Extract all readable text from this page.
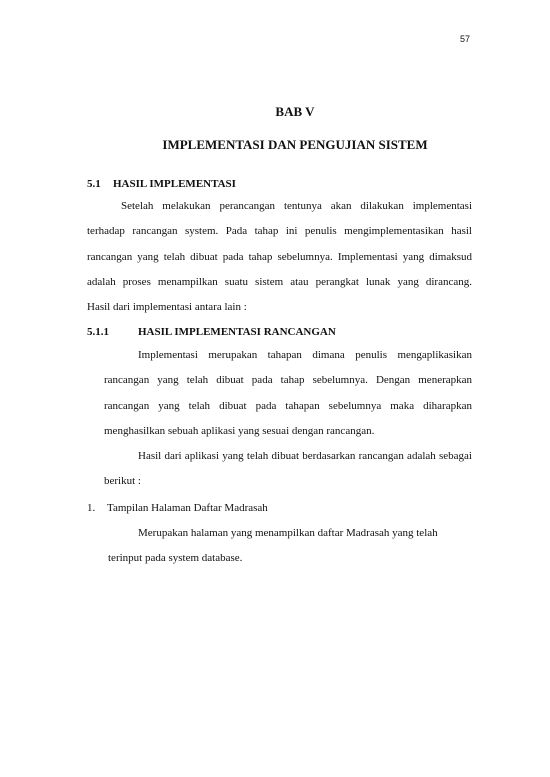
57
BAB V
IMPLEMENTASI DAN PENGUJIAN SISTEM
5.1 HASIL IMPLEMENTASI
Setelah melakukan perancangan tentunya akan dilakukan implementasi
terhadap rancangan system. Pada tahap ini penulis mengimplementasikan hasil
rancangan yang telah dibuat pada tahap sebelumnya. Implementasi yang dimaksud
adalah proses menampilkan suatu sistem atau perangkat lunak yang dirancang.
Hasil dari implementasi antara lain :
5.1.1	HASIL IMPLEMENTASI RANCANGAN
Implementasi merupakan tahapan dimana penulis mengaplikasikan
rancangan yang telah dibuat pada tahap sebelumnya. Dengan menerapkan
rancangan yang telah dibuat pada tahapan sebelumnya maka diharapkan
menghasilkan sebuah aplikasi yang sesuai dengan rancangan.
Hasil dari aplikasi yang telah dibuat berdasarkan rancangan adalah sebagai
berikut :
1. Tampilan Halaman Daftar Madrasah
Merupakan halaman yang menampilkan daftar Madrasah yang telah
terinput pada system database.
